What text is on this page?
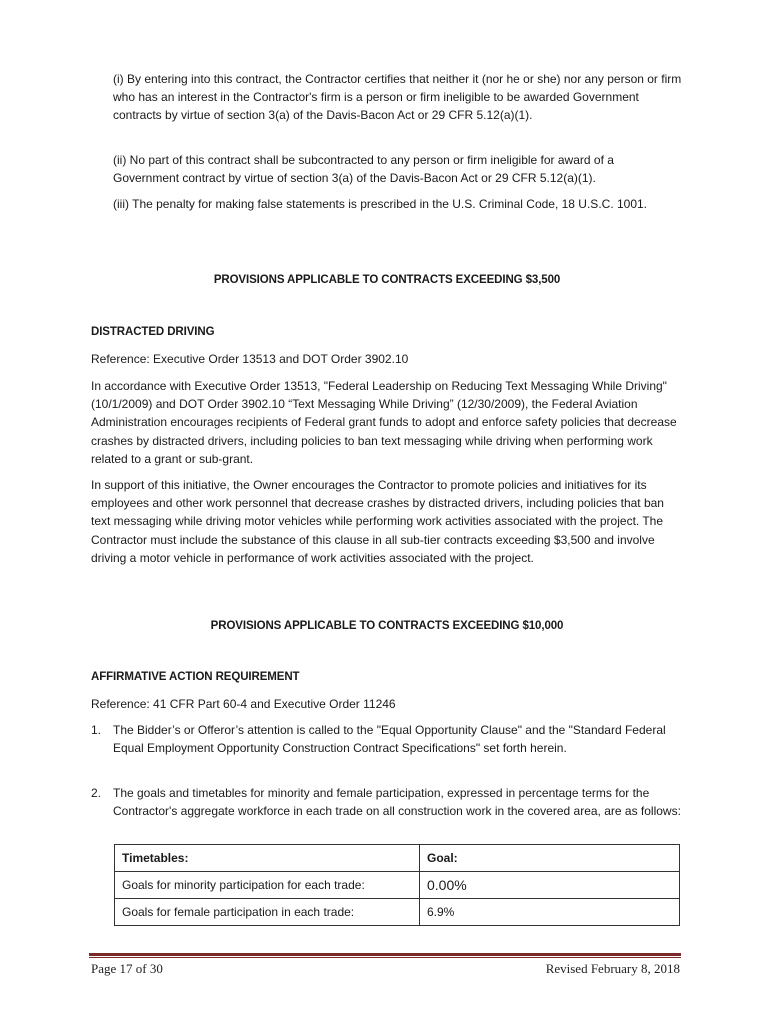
(i) By entering into this contract, the Contractor certifies that neither it (nor he or she) nor any person or firm who has an interest in the Contractor's firm is a person or firm ineligible to be awarded Government contracts by virtue of section 3(a) of the Davis-Bacon Act or 29 CFR 5.12(a)(1).

(ii) No part of this contract shall be subcontracted to any person or firm ineligible for award of a Government contract by virtue of section 3(a) of the Davis-Bacon Act or 29 CFR 5.12(a)(1).

(iii) The penalty for making false statements is prescribed in the U.S. Criminal Code, 18 U.S.C. 1001.

PROVISIONS APPLICABLE TO CONTRACTS EXCEEDING $3,500
DISTRACTED DRIVING

Reference: Executive Order 13513 and DOT Order 3902.10

In accordance with Executive Order 13513, "Federal Leadership on Reducing Text Messaging While Driving" (10/1/2009) and DOT Order 3902.10 “Text Messaging While Driving” (12/30/2009), the Federal Aviation Administration encourages recipients of Federal grant funds to adopt and enforce safety policies that decrease crashes by distracted drivers, including policies to ban text messaging while driving when performing work related to a grant or sub-grant.

In support of this initiative, the Owner encourages the Contractor to promote policies and initiatives for its employees and other work personnel that decrease crashes by distracted drivers, including policies that ban text messaging while driving motor vehicles while performing work activities associated with the project. The Contractor must include the substance of this clause in all sub-tier contracts exceeding $3,500 and involve driving a motor vehicle in performance of work activities associated with the project.

PROVISIONS APPLICABLE TO CONTRACTS EXCEEDING $10,000
AFFIRMATIVE ACTION REQUIREMENT

Reference: 41 CFR Part 60-4 and Executive Order 11246

1. The Bidder’s or Offeror’s attention is called to the "Equal Opportunity Clause" and the "Standard Federal Equal Employment Opportunity Construction Contract Specifications" set forth herein.

2. The goals and timetables for minority and female participation, expressed in percentage terms for the Contractor's aggregate workforce in each trade on all construction work in the covered area, are as follows:

Timetables:	Goal:
Goals for minority participation for each trade:	0.00%
Goals for female participation in each trade:	6.9%
Page 17 of 30	Revised February 8, 2018
